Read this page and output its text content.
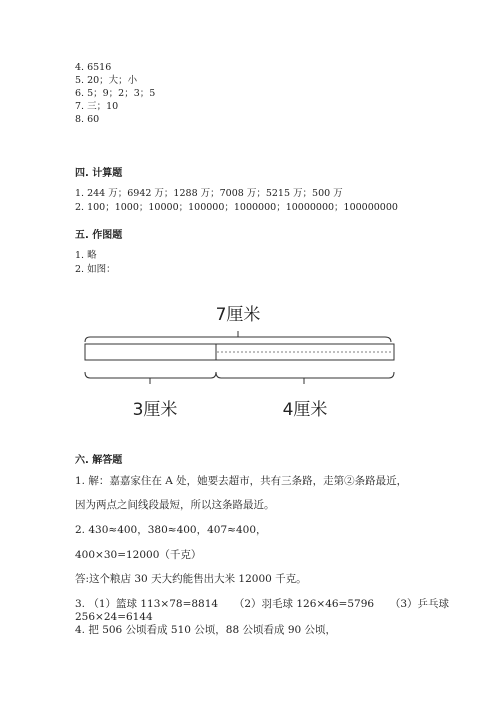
4. 6516
5. 20；大；小
6. 5；9；2；3；5
7. 三；10
8. 60
四. 计算题
1. 244 万；6942 万；1288 万；7008 万；5215 万；500 万
2. 100；1000；10000；100000；1000000；10000000；100000000
五. 作图题
1. 略
2. 如图：
7厘米
3厘米	4厘米
六. 解答题
1. 解：嘉嘉家住在 A 处，她要去超市，共有三条路，走第②条路最近，
因为两点之间线段最短，所以这条路最近。
2. 430≈400，380≈400，407≈400，
400×30=12000（千克）
答:这个粮店 30 天大约能售出大米 12000 千克。
3. （1）篮球 113×78=8814　　（2）羽毛球 126×46=5796　　（3）乒乓球
256×24=6144
4. 把 506 公顷看成 510 公顷，88 公顷看成 90 公顷，
